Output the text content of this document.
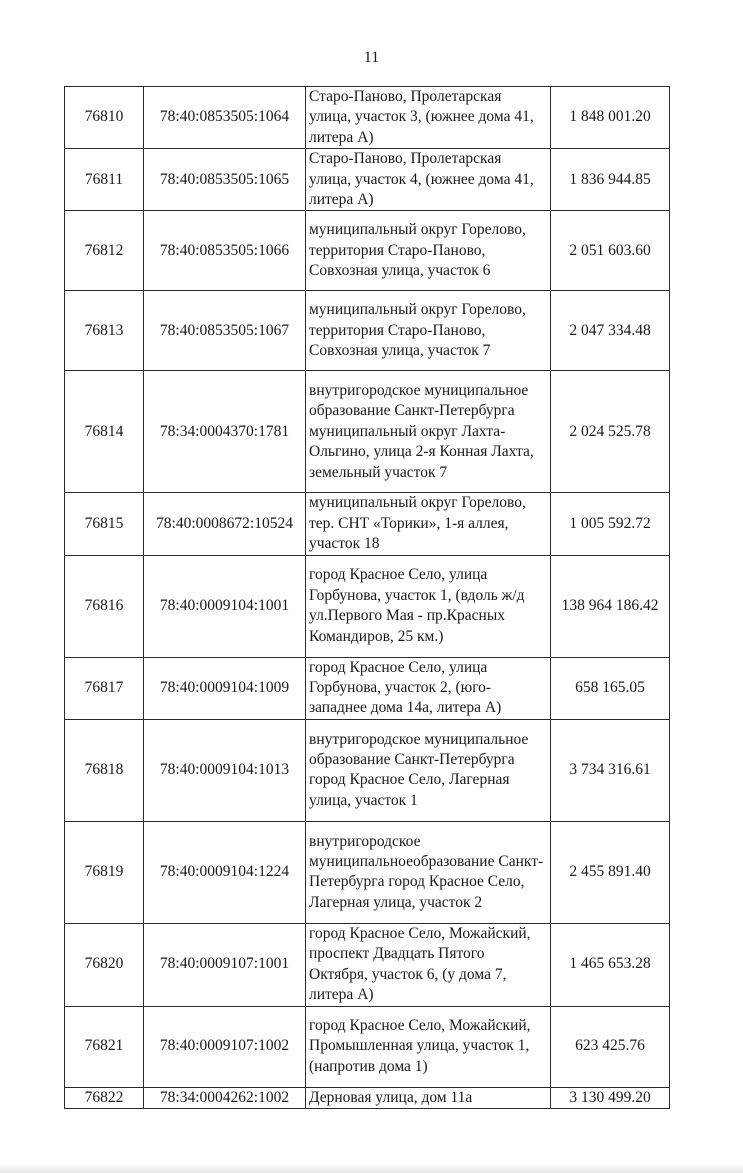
11
76810	78:40:0853505:1064	Старо-Паново, Пролетарская улица, участок 3, (южнее дома 41, литера А)	1 848 001.20
76811	78:40:0853505:1065	Старо-Паново, Пролетарская улица, участок 4, (южнее дома 41, литера А)	1 836 944.85
76812	78:40:0853505:1066	муниципальный округ Горелово, территория Старо-Паново, Совхозная улица, участок 6	2 051 603.60
76813	78:40:0853505:1067	муниципальный округ Горелово, территория Старо-Паново, Совхозная улица, участок 7	2 047 334.48
76814	78:34:0004370:1781	внутригородское муниципальное образование Санкт-Петербурга муниципальный округ Лахта-Ольгино, улица 2-я Конная Лахта, земельный участок 7	2 024 525.78
76815	78:40:0008672:10524	муниципальный округ Горелово, тер. СНТ «Торики», 1-я аллея, участок 18	1 005 592.72
76816	78:40:0009104:1001	город Красное Село, улица Горбунова, участок 1, (вдоль ж/д ул.Первого Мая - пр.Красных Командиров, 25 км.)	138 964 186.42
76817	78:40:0009104:1009	город Красное Село, улица Горбунова, участок 2, (юго-западнее дома 14а, литера А)	658 165.05
76818	78:40:0009104:1013	внутригородское муниципальное образование Санкт-Петербурга город Красное Село, Лагерная улица, участок 1	3 734 316.61
76819	78:40:0009104:1224	внутригородское муниципальноеобразование Санкт-Петербурга город Красное Село, Лагерная улица, участок 2	2 455 891.40
76820	78:40:0009107:1001	город Красное Село, Можайский, проспект Двадцать Пятого Октября, участок 6, (у дома 7, литера А)	1 465 653.28
76821	78:40:0009107:1002	город Красное Село, Можайский, Промышленная улица, участок 1, (напротив дома 1)	623 425.76
76822	78:34:0004262:1002	Дерновая улица, дом 11а	3 130 499.20
